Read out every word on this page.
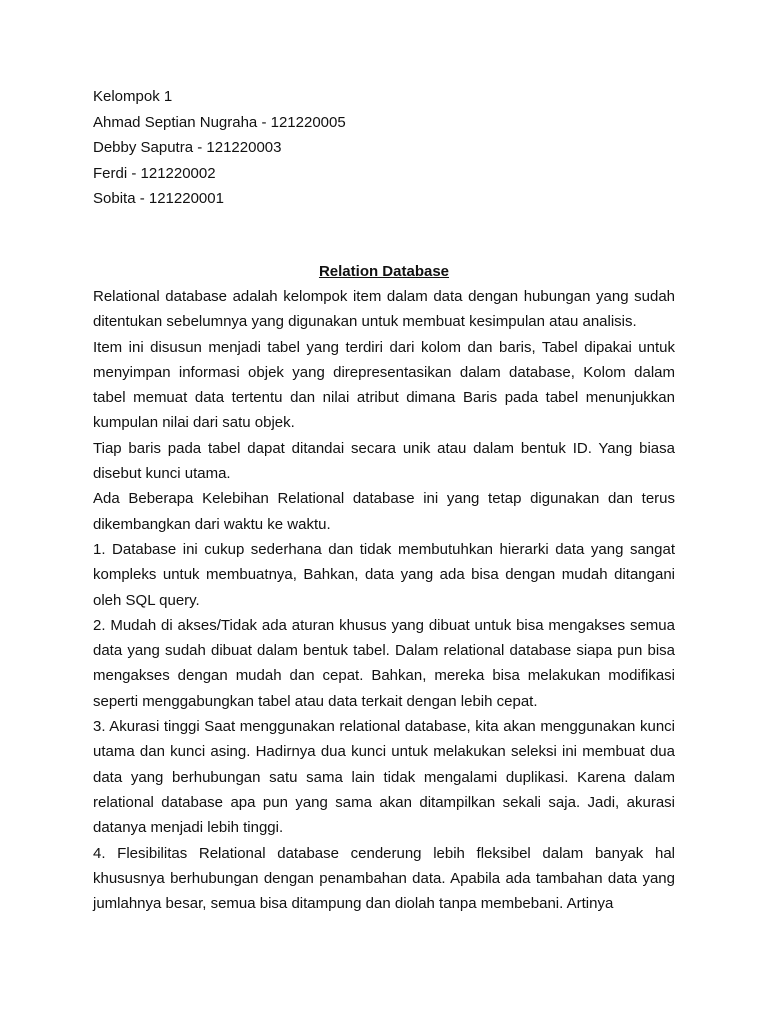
Kelompok 1
Ahmad Septian Nugraha - 121220005
Debby Saputra - 121220003
Ferdi - 121220002
Sobita - 121220001
Relation Database

Relational database adalah kelompok item dalam data dengan hubungan yang sudah ditentukan sebelumnya yang digunakan untuk membuat kesimpulan atau analisis.

Item ini disusun menjadi tabel yang terdiri dari kolom dan baris, Tabel dipakai untuk menyimpan informasi objek yang direpresentasikan dalam database, Kolom dalam tabel memuat data tertentu dan nilai atribut dimana Baris pada tabel menunjukkan kumpulan nilai dari satu objek.

Tiap baris pada tabel dapat ditandai secara unik atau dalam bentuk ID. Yang biasa disebut kunci utama.

Ada Beberapa Kelebihan Relational database ini yang tetap digunakan dan terus dikembangkan dari waktu ke waktu.

1. Database ini cukup sederhana dan tidak membutuhkan hierarki data yang sangat kompleks untuk membuatnya, Bahkan, data yang ada bisa dengan mudah ditangani oleh SQL query.

2. Mudah di akses/Tidak ada aturan khusus yang dibuat untuk bisa mengakses semua data yang sudah dibuat dalam bentuk tabel. Dalam relational database siapa pun bisa mengakses dengan mudah dan cepat. Bahkan, mereka bisa melakukan modifikasi seperti menggabungkan tabel atau data terkait dengan lebih cepat.

3. Akurasi tinggi Saat menggunakan relational database, kita akan menggunakan kunci utama dan kunci asing. Hadirnya dua kunci untuk melakukan seleksi ini membuat dua data yang berhubungan satu sama lain tidak mengalami duplikasi. Karena dalam relational database apa pun yang sama akan ditampilkan sekali saja. Jadi, akurasi datanya menjadi lebih tinggi.

4. Flesibilitas Relational database cenderung lebih fleksibel dalam banyak hal khususnya berhubungan dengan penambahan data. Apabila ada tambahan data yang jumlahnya besar, semua bisa ditampung dan diolah tanpa membebani. Artinya
